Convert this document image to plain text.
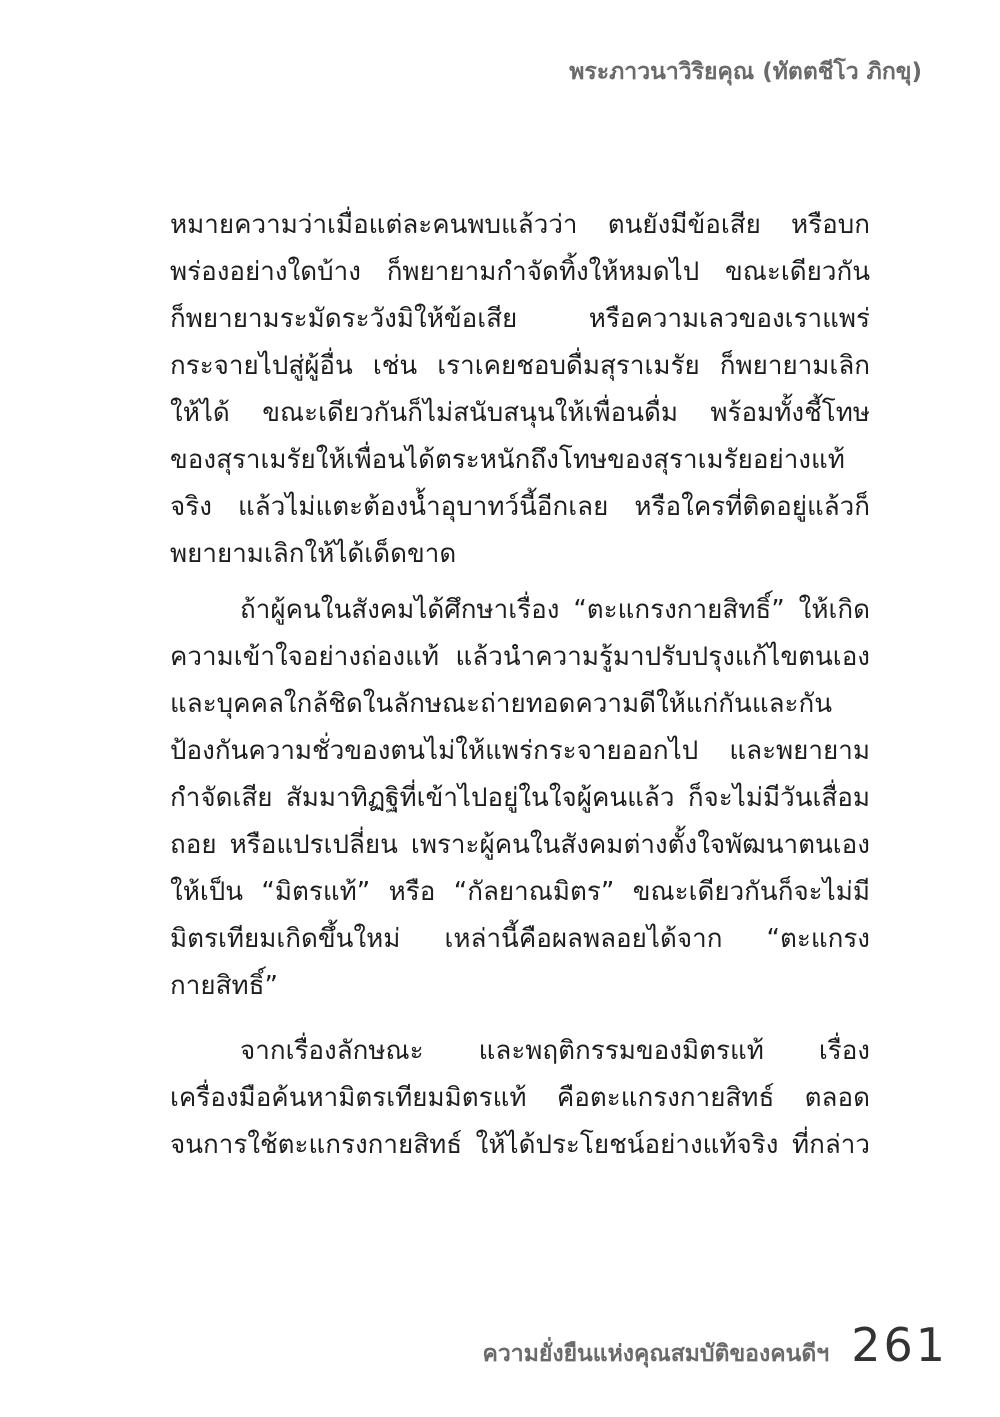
พระภาวนาวิริยคุณ (ทัตตชีโว ภิกขุ)
หมายความว่าเมื่อแต่ละคนพบแล้วว่า ตนยังมีข้อเสีย หรือบก
พร่องอย่างใดบ้าง ก็พยายามกำจัดทิ้งให้หมดไป ขณะเดียวกัน
ก็พยายามระมัดระวังมิให้ข้อเสีย หรือความเลวของเราแพร่
กระจายไปสู่ผู้อื่น เช่น เราเคยชอบดื่มสุราเมรัย ก็พยายามเลิก
ให้ได้ ขณะเดียวกันก็ไม่สนับสนุนให้เพื่อนดื่ม พร้อมทั้งชี้โทษ
ของสุราเมรัยให้เพื่อนได้ตระหนักถึงโทษของสุราเมรัยอย่างแท้
จริง แล้วไม่แตะต้องน้ำอุบาทว์นี้อีกเลย หรือใครที่ติดอยู่แล้วก็
พยายามเลิกให้ได้เด็ดขาด
ถ้าผู้คนในสังคมได้ศึกษาเรื่อง “ตะแกรงกายสิทธิ์” ให้เกิด
ความเข้าใจอย่างถ่องแท้ แล้วนำความรู้มาปรับปรุงแก้ไขตนเอง
และบุคคลใกล้ชิดในลักษณะถ่ายทอดความดีให้แก่กันและกัน
ป้องกันความชั่วของตนไม่ให้แพร่กระจายออกไป และพยายาม
กำจัดเสีย สัมมาทิฏฐิที่เข้าไปอยู่ในใจผู้คนแล้ว ก็จะไม่มีวันเสื่อม
ถอย หรือแปรเปลี่ยน เพราะผู้คนในสังคมต่างตั้งใจพัฒนาตนเอง
ให้เป็น “มิตรแท้” หรือ “กัลยาณมิตร” ขณะเดียวกันก็จะไม่มี
มิตรเทียมเกิดขึ้นใหม่ เหล่านี้คือผลพลอยได้จาก “ตะแกรง
กายสิทธิ์”
จากเรื่องลักษณะ และพฤติกรรมของมิตรแท้ เรื่อง
เครื่องมือค้นหามิตรเทียมมิตรแท้ คือตะแกรงกายสิทธ์ ตลอด
จนการใช้ตะแกรงกายสิทธ์ ให้ได้ประโยชน์อย่างแท้จริง ที่กล่าว
ความยั่งยืนแห่งคุณสมบัติของคนดีฯ 261
